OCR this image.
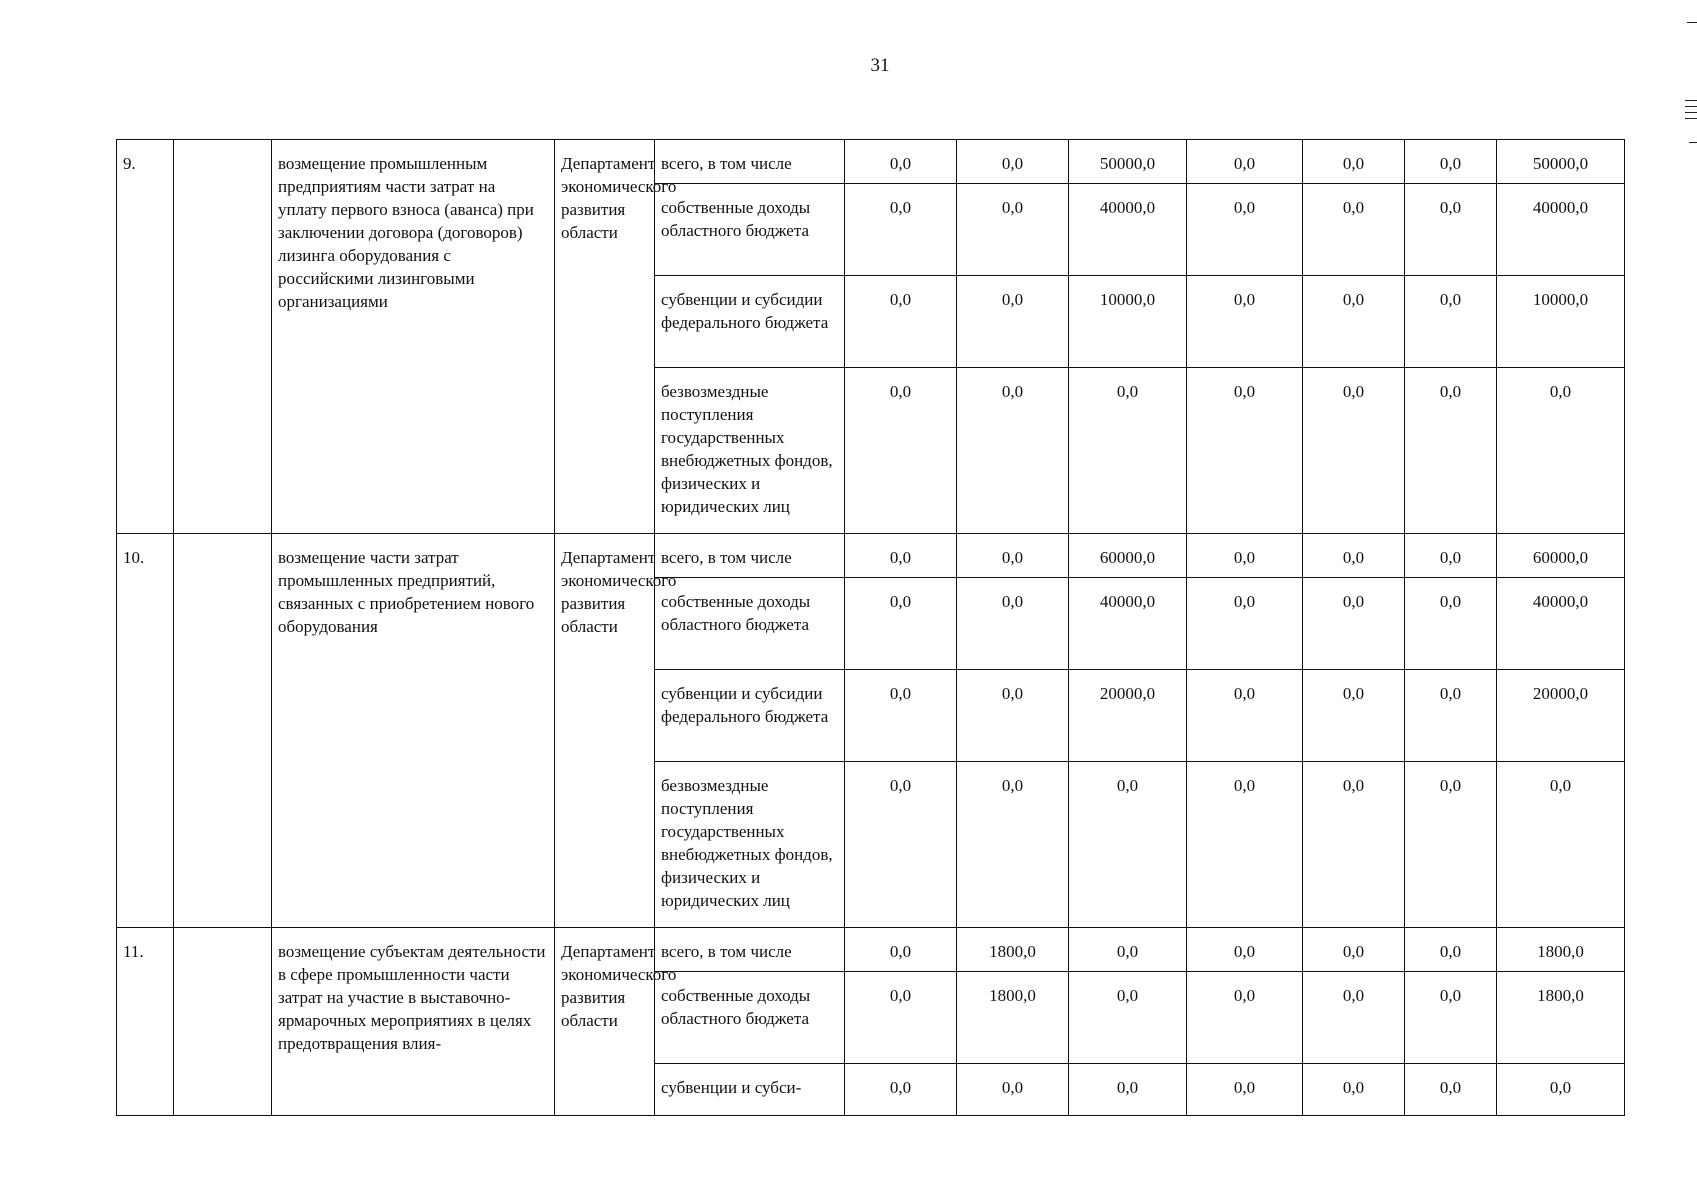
31
9.		возмещение промышленным предприятиям части затрат на уплату первого взноса (аванса) при заключении договора (договоров) лизинга оборудования с российскими лизинговыми организациями	Департамент экономического развития области	всего, в том числе	0,0	0,0	50000,0	0,0	0,0	0,0	50000,0
				собственные доходы областного бюджета	0,0	0,0	40000,0	0,0	0,0	0,0	40000,0
				субвенции и субсидии федерального бюджета	0,0	0,0	10000,0	0,0	0,0	0,0	10000,0
				безвозмездные поступления государственных внебюджетных фондов, физических и юридических лиц	0,0	0,0	0,0	0,0	0,0	0,0	0,0
10.		возмещение части затрат промышленных предприятий, связанных с приобретением нового оборудования	Департамент экономического развития области	всего, в том числе	0,0	0,0	60000,0	0,0	0,0	0,0	60000,0
				собственные доходы областного бюджета	0,0	0,0	40000,0	0,0	0,0	0,0	40000,0
				субвенции и субсидии федерального бюджета	0,0	0,0	20000,0	0,0	0,0	0,0	20000,0
				безвозмездные поступления государственных внебюджетных фондов, физических и юридических лиц	0,0	0,0	0,0	0,0	0,0	0,0	0,0
11.		возмещение субъектам деятельности в сфере промышленности части затрат на участие в выставочно-ярмарочных мероприятиях в целях предотвращения влия-	Департамент экономического развития области	всего, в том числе	0,0	1800,0	0,0	0,0	0,0	0,0	1800,0
				собственные доходы областного бюджета	0,0	1800,0	0,0	0,0	0,0	0,0	1800,0
				субвенции и субси-	0,0	0,0	0,0	0,0	0,0	0,0	0,0
